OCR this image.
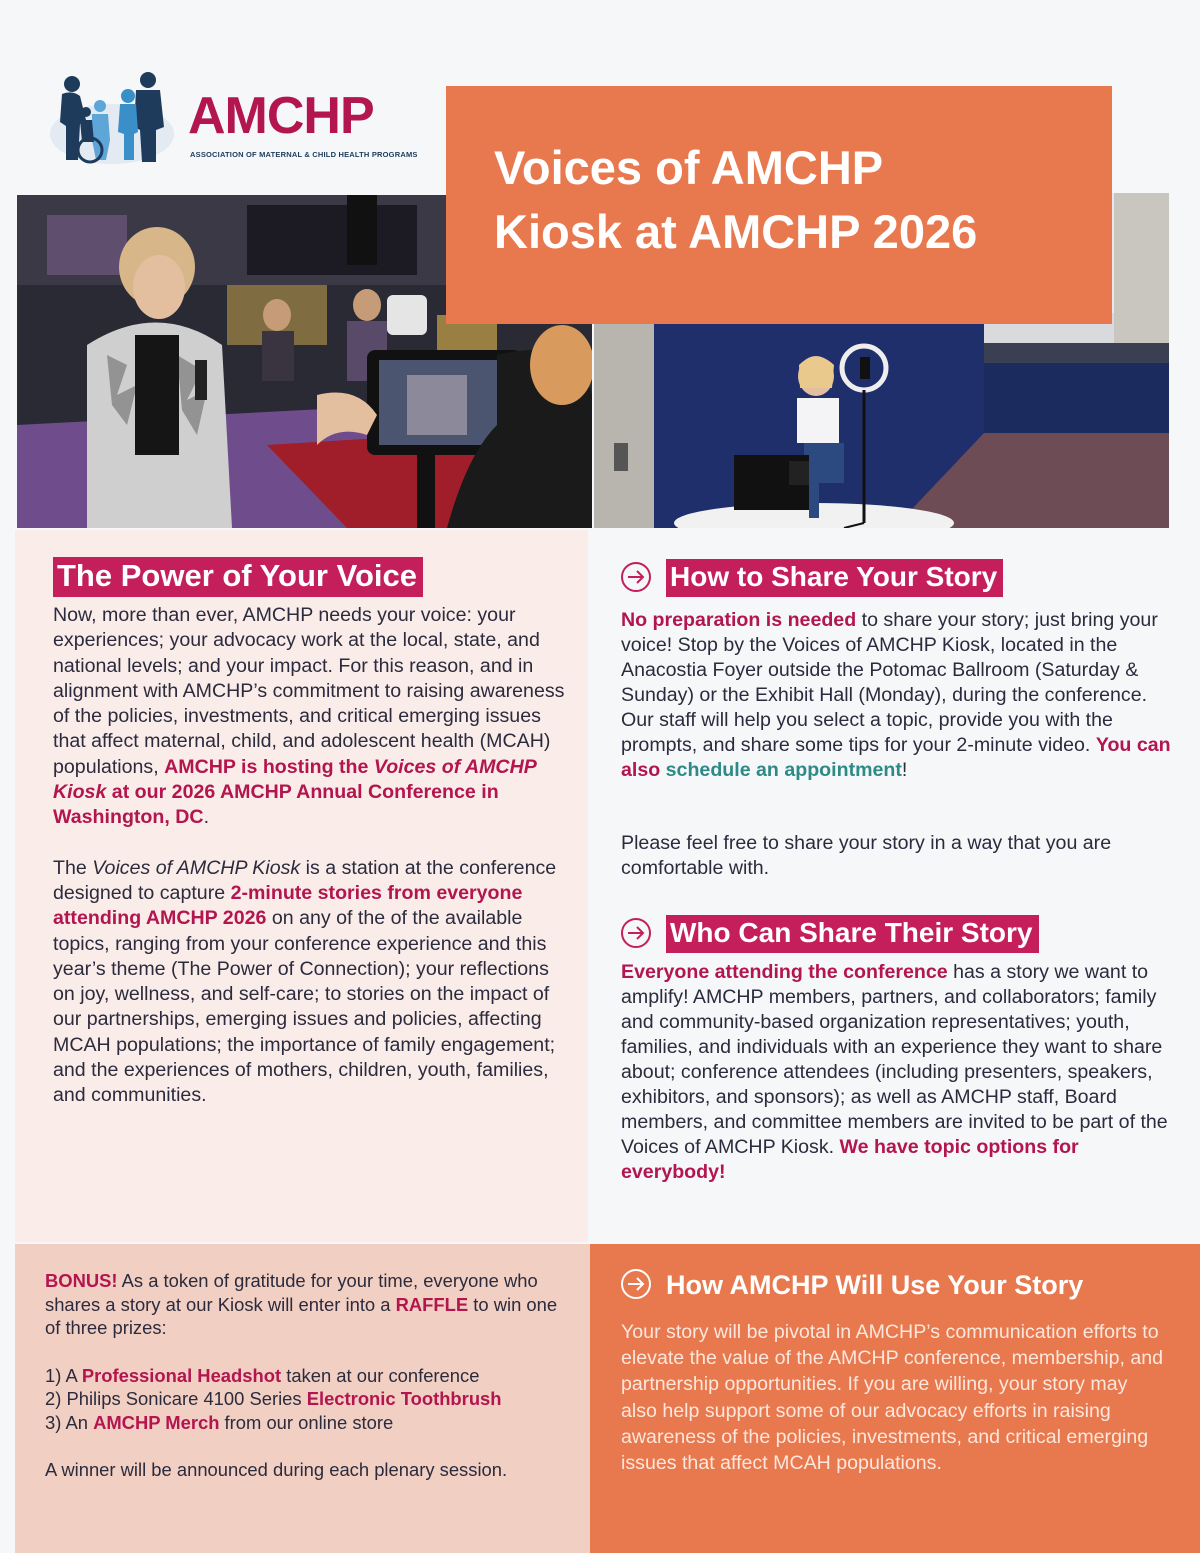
AMCHP
ASSOCIATION OF MATERNAL & CHILD HEALTH PROGRAMS Voices of AMCHP
Kiosk at AMCHP 2026
The Power of Your Voice

Now, more than ever, AMCHP needs your voice: your experiences; your advocacy work at the local, state, and national levels; and your impact. For this reason, and in alignment with AMCHP’s commitment to raising awareness of the policies, investments, and critical emerging issues that affect maternal, child, and adolescent health (MCAH) populations, AMCHP is hosting the Voices of AMCHP Kiosk at our 2026 AMCHP Annual Conference in Washington, DC.

The Voices of AMCHP Kiosk is a station at the conference designed to capture 2-minute stories from everyone attending AMCHP 2026 on any of the of the available topics, ranging from your conference experience and this year’s theme (The Power of Connection); your reflections on joy, wellness, and self-care; to stories on the impact of our partnerships, emerging issues and policies, affecting MCAH populations; the importance of family engagement; and the experiences of mothers, children, youth, families, and communities.

How to Share Your Story

No preparation is needed to share your story; just bring your voice! Stop by the Voices of AMCHP Kiosk, located in the Anacostia Foyer outside the Potomac Ballroom (Saturday & Sunday) or the Exhibit Hall (Monday), during the conference. Our staff will help you select a topic, provide you with the prompts, and share some tips for your 2-minute video. You can also schedule an appointment!

Please feel free to share your story in a way that you are comfortable with.
Who Can Share Their Story
Everyone attending the conference has a story we want to amplify! AMCHP members, partners, and collaborators; family and community-based organization representatives; youth, families, and individuals with an experience they want to share about; conference attendees (including presenters, speakers, exhibitors, and sponsors); as well as AMCHP staff, Board members, and committee members are invited to be part of the Voices of AMCHP Kiosk. We have topic options for everybody!

BONUS! As a token of gratitude for your time, everyone who shares a story at our Kiosk will enter into a RAFFLE to win one of three prizes:

1) A Professional Headshot taken at our conference

2) Philips Sonicare 4100 Series Electronic Toothbrush

3) An AMCHP Merch from our online store

A winner will be announced during each plenary session.

How AMCHP Will Use Your Story
Your story will be pivotal in AMCHP’s communication efforts to elevate the value of the AMCHP conference, membership, and partnership opportunities. If you are willing, your story may also help support some of our advocacy efforts in raising awareness of the policies, investments, and critical emerging issues that affect MCAH populations.
